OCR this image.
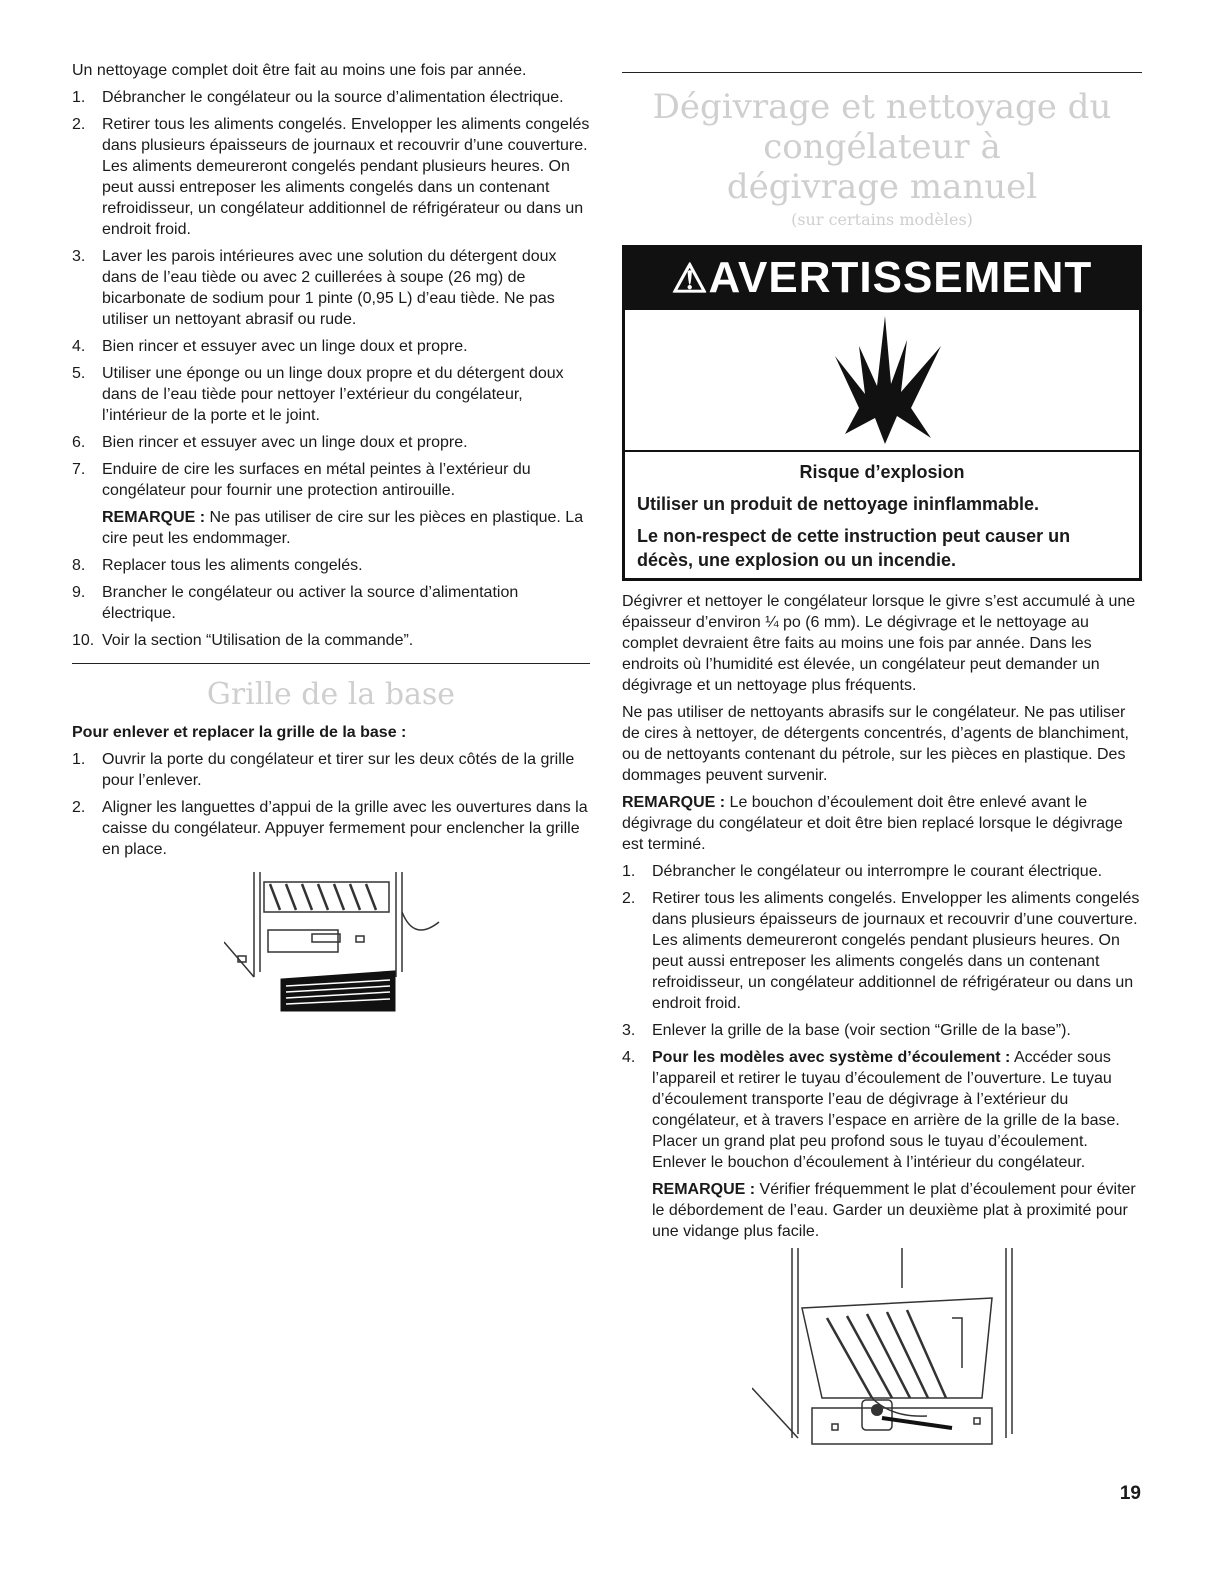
Un nettoyage complet doit être fait au moins une fois par année.

1. Débrancher le congélateur ou la source d’alimentation électrique.
2. Retirer tous les aliments congelés. Envelopper les aliments congelés dans plusieurs épaisseurs de journaux et recouvrir d’une couverture. Les aliments demeureront congelés pendant plusieurs heures. On peut aussi entreposer les aliments congelés dans un contenant refroidisseur, un congélateur additionnel de réfrigérateur ou dans un endroit froid.
3. Laver les parois intérieures avec une solution du détergent doux dans de l’eau tiède ou avec 2 cuillerées à soupe (26 mg) de bicarbonate de sodium pour 1 pinte (0,95 L) d’eau tiède. Ne pas utiliser un nettoyant abrasif ou rude.
4. Bien rincer et essuyer avec un linge doux et propre.
5. Utiliser une éponge ou un linge doux propre et du détergent doux dans de l’eau tiède pour nettoyer l’extérieur du congélateur, l’intérieur de la porte et le joint.
6. Bien rincer et essuyer avec un linge doux et propre.
7. Enduire de cire les surfaces en métal peintes à l’extérieur du congélateur pour fournir une protection antirouille.

REMARQUE : Ne pas utiliser de cire sur les pièces en plastique. La cire peut les endommager.

8. Replacer tous les aliments congelés.
9. Brancher le congélateur ou activer la source d’alimentation électrique.
10. Voir la section “Utilisation de la commande”.
Grille de la base

Pour enlever et replacer la grille de la base :

1. Ouvrir la porte du congélateur et tirer sur les deux côtés de la grille pour l’enlever.
2. Aligner les languettes d’appui de la grille avec les ouvertures dans la caisse du congélateur. Appuyer fermement pour enclencher la grille en place.
Dégivrage et nettoyage du congélateur à
dégivrage manuel
(sur certains modèles)
⚠AVERTISSEMENT
Risque d’explosion
Utiliser un produit de nettoyage ininflammable.
Le non-respect de cette instruction peut causer un décès, une explosion ou un incendie.

Dégivrer et nettoyer le congélateur lorsque le givre s’est accumulé à une épaisseur d’environ ¼ po (6 mm). Le dégivrage et le nettoyage au complet devraient être faits au moins une fois par année. Dans les endroits où l’humidité est élevée, un congélateur peut demander un dégivrage et un nettoyage plus fréquents.

Ne pas utiliser de nettoyants abrasifs sur le congélateur. Ne pas utiliser de cires à nettoyer, de détergents concentrés, d’agents de blanchiment, ou de nettoyants contenant du pétrole, sur les pièces en plastique. Des dommages peuvent survenir.

REMARQUE : Le bouchon d’écoulement doit être enlevé avant le dégivrage du congélateur et doit être bien replacé lorsque le dégivrage est terminé.

1. Débrancher le congélateur ou interrompre le courant électrique.
2. Retirer tous les aliments congelés. Envelopper les aliments congelés dans plusieurs épaisseurs de journaux et recouvrir d’une couverture. Les aliments demeureront congelés pendant plusieurs heures. On peut aussi entreposer les aliments congelés dans un contenant refroidisseur, un congélateur additionnel de réfrigérateur ou dans un endroit froid.
3. Enlever la grille de la base (voir section “Grille de la base”).
4. Pour les modèles avec système d’écoulement : Accéder sous l’appareil et retirer le tuyau d’écoulement de l’ouverture. Le tuyau d’écoulement transporte l’eau de dégivrage à l’extérieur du congélateur, et à travers l’espace en arrière de la grille de la base. Placer un grand plat peu profond sous le tuyau d’écoulement. Enlever le bouchon d’écoulement à l’intérieur du congélateur.

REMARQUE : Vérifier fréquemment le plat d’écoulement pour éviter le débordement de l’eau. Garder un deuxième plat à proximité pour une vidange plus facile.

19
